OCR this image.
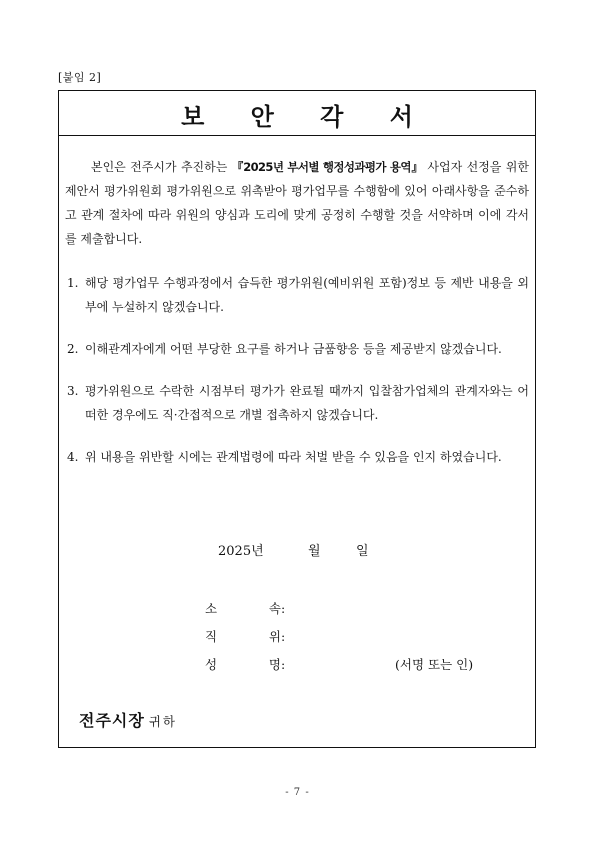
[붙임 2]
보 안 각 서
본인은 전주시가 추진하는 『2025년 부서별 행정성과평가 용역』 사업자 선정을 위한 제안서 평가위원회 평가위원으로 위촉받아 평가업무를 수행함에 있어 아래사항을 준수하고 관계 절차에 따라 위원의 양심과 도리에 맞게 공정히 수행할 것을 서약하며 이에 각서를 제출합니다.
1. 해당 평가업무 수행과정에서 습득한 평가위원(예비위원 포함)정보 등 제반 내용을 외부에 누설하지 않겠습니다.
2. 이해관계자에게 어떤 부당한 요구를 하거나 금품향응 등을 제공받지 않겠습니다.
3. 평가위원으로 수락한 시점부터 평가가 완료될 때까지 입찰참가업체의 관계자와는 어떠한 경우에도 직·간접적으로 개별 접촉하지 않겠습니다.
4. 위 내용을 위반할 시에는 관계법령에 따라 처벌 받을 수 있음을 인지 하였습니다.
2025년	월	일
소	속 :
직	위 :
성	명 :	(서명 또는 인)
전주시장 귀하
- 7 -
